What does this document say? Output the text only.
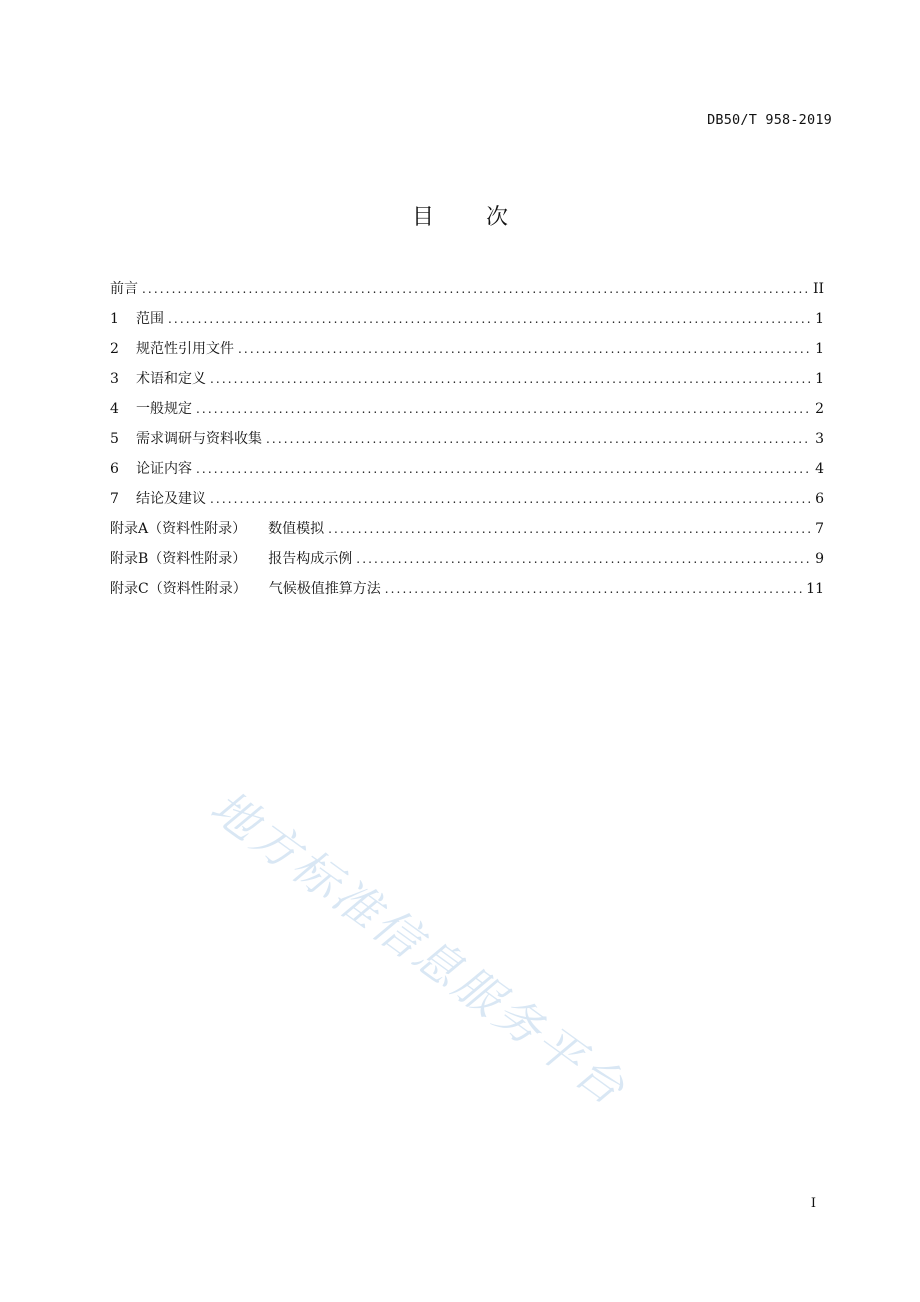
DB50/T 958-2019
目 次
前言 .....	II
1	范围 .....	1
2	规范性引用文件 .....	1
3	术语和定义 .....	1
4	一般规定 .....	2
5	需求调研与资料收集 .....	3
6	论证内容 .....	4
7	结论及建议 .....	6
附录A（资料性附录） 数值模拟 .....	7
附录B（资料性附录） 报告构成示例 .....	9
附录C（资料性附录） 气候极值推算方法 .....	11
地方标准信息服务平台
I
